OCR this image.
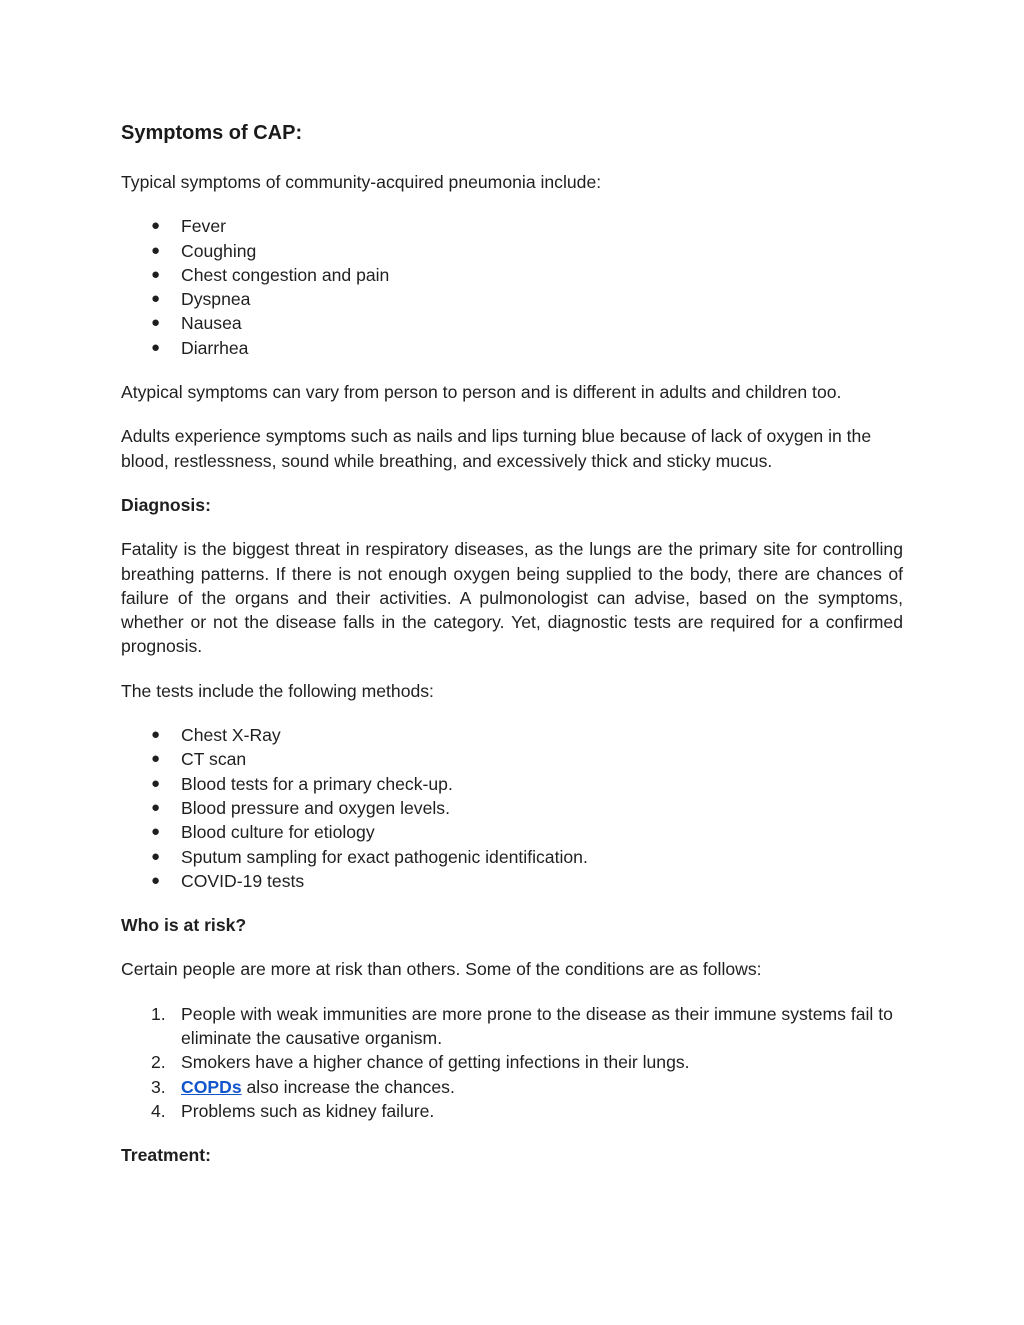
Symptoms of CAP:

Typical symptoms of community-acquired pneumonia include:

●	Fever
●	Coughing
●	Chest congestion and pain
●	Dyspnea
●	Nausea
●	Diarrhea

Atypical symptoms can vary from person to person and is different in adults and children too.

Adults experience symptoms such as nails and lips turning blue because of lack of oxygen in the blood, restlessness, sound while breathing, and excessively thick and sticky mucus.

Diagnosis:

Fatality is the biggest threat in respiratory diseases, as the lungs are the primary site for controlling breathing patterns. If there is not enough oxygen being supplied to the body, there are chances of failure of the organs and their activities. A pulmonologist can advise, based on the symptoms, whether or not the disease falls in the category. Yet, diagnostic tests are required for a confirmed prognosis.

The tests include the following methods:

●	Chest X-Ray
●	CT scan
●	Blood tests for a primary check-up.
●	Blood pressure and oxygen levels.
●	Blood culture for etiology
●	Sputum sampling for exact pathogenic identification.
●	COVID-19 tests

Who is at risk?

Certain people are more at risk than others. Some of the conditions are as follows:

1. People with weak immunities are more prone to the disease as their immune systems fail to eliminate the causative organism.
2. Smokers have a higher chance of getting infections in their lungs.
3. COPDs also increase the chances.
4. Problems such as kidney failure.

Treatment:
